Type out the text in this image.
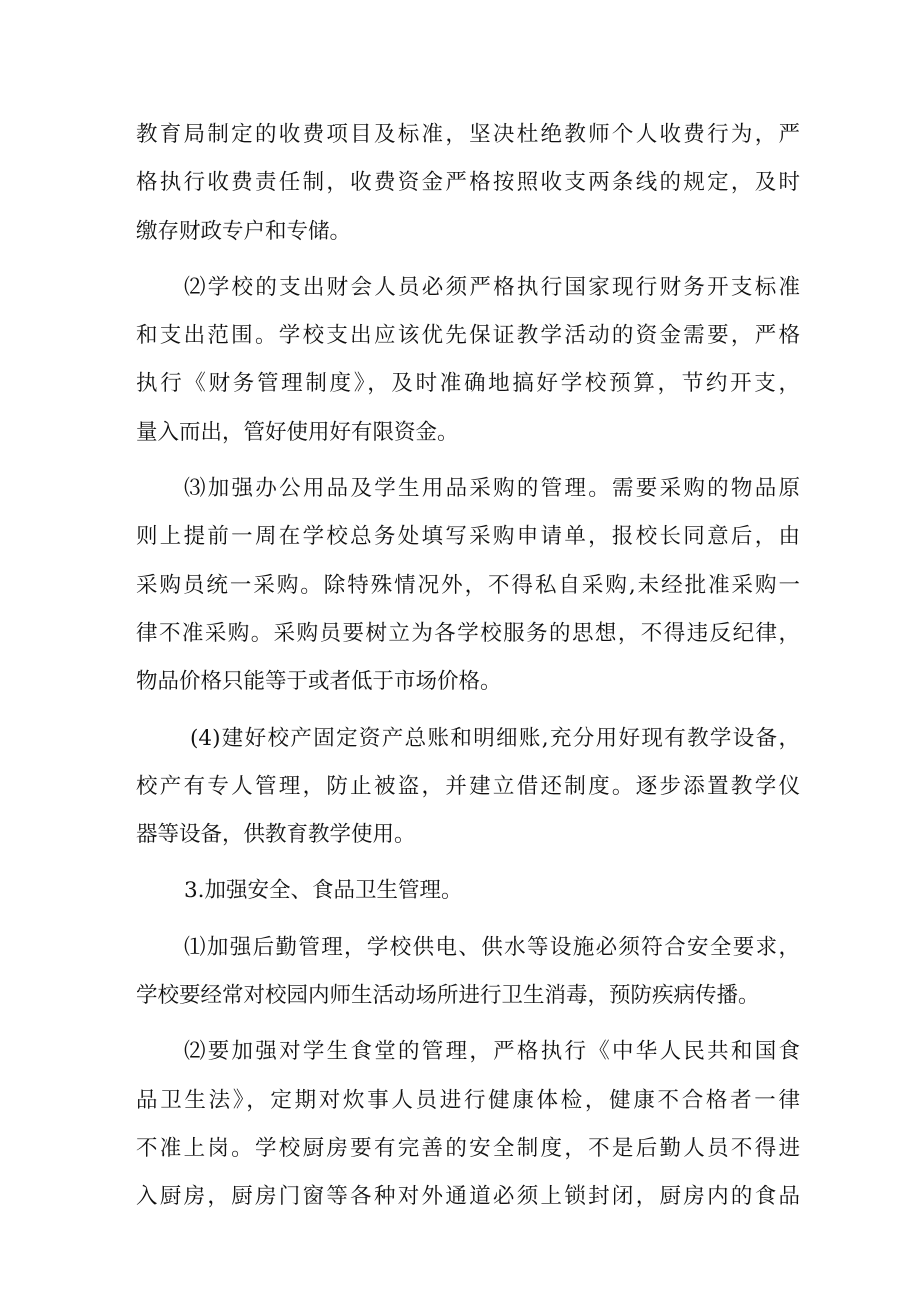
教育局制定的收费项目及标准，坚决杜绝教师个人收费行为，严
格执行收费责任制，收费资金严格按照收支两条线的规定，及时
缴存财政专户和专储。
⑵学校的支出财会人员必须严格执行国家现行财务开支标准
和支出范围。学校支出应该优先保证教学活动的资金需要，严格
执行《财务管理制度》，及时准确地搞好学校预算，节约开支，
量入而出，管好使用好有限资金。
⑶加强办公用品及学生用品采购的管理。需要采购的物品原
则上提前一周在学校总务处填写采购申请单，报校长同意后，由
采购员统一采购。除特殊情况外，不得私自采购,未经批准采购一
律不准采购。采购员要树立为各学校服务的思想，不得违反纪律，
物品价格只能等于或者低于市场价格。
(4)建好校产固定资产总账和明细账,充分用好现有教学设备，
校产有专人管理，防止被盗，并建立借还制度。逐步添置教学仪
器等设备，供教育教学使用。
3.加强安全、食品卫生管理。
⑴加强后勤管理，学校供电、供水等设施必须符合安全要求，
学校要经常对校园内师生活动场所进行卫生消毒，预防疾病传播。
⑵要加强对学生食堂的管理，严格执行《中华人民共和国食
品卫生法》，定期对炊事人员进行健康体检，健康不合格者一律
不准上岗。学校厨房要有完善的安全制度，不是后勤人员不得进
入厨房，厨房门窗等各种对外通道必须上锁封闭，厨房内的食品
